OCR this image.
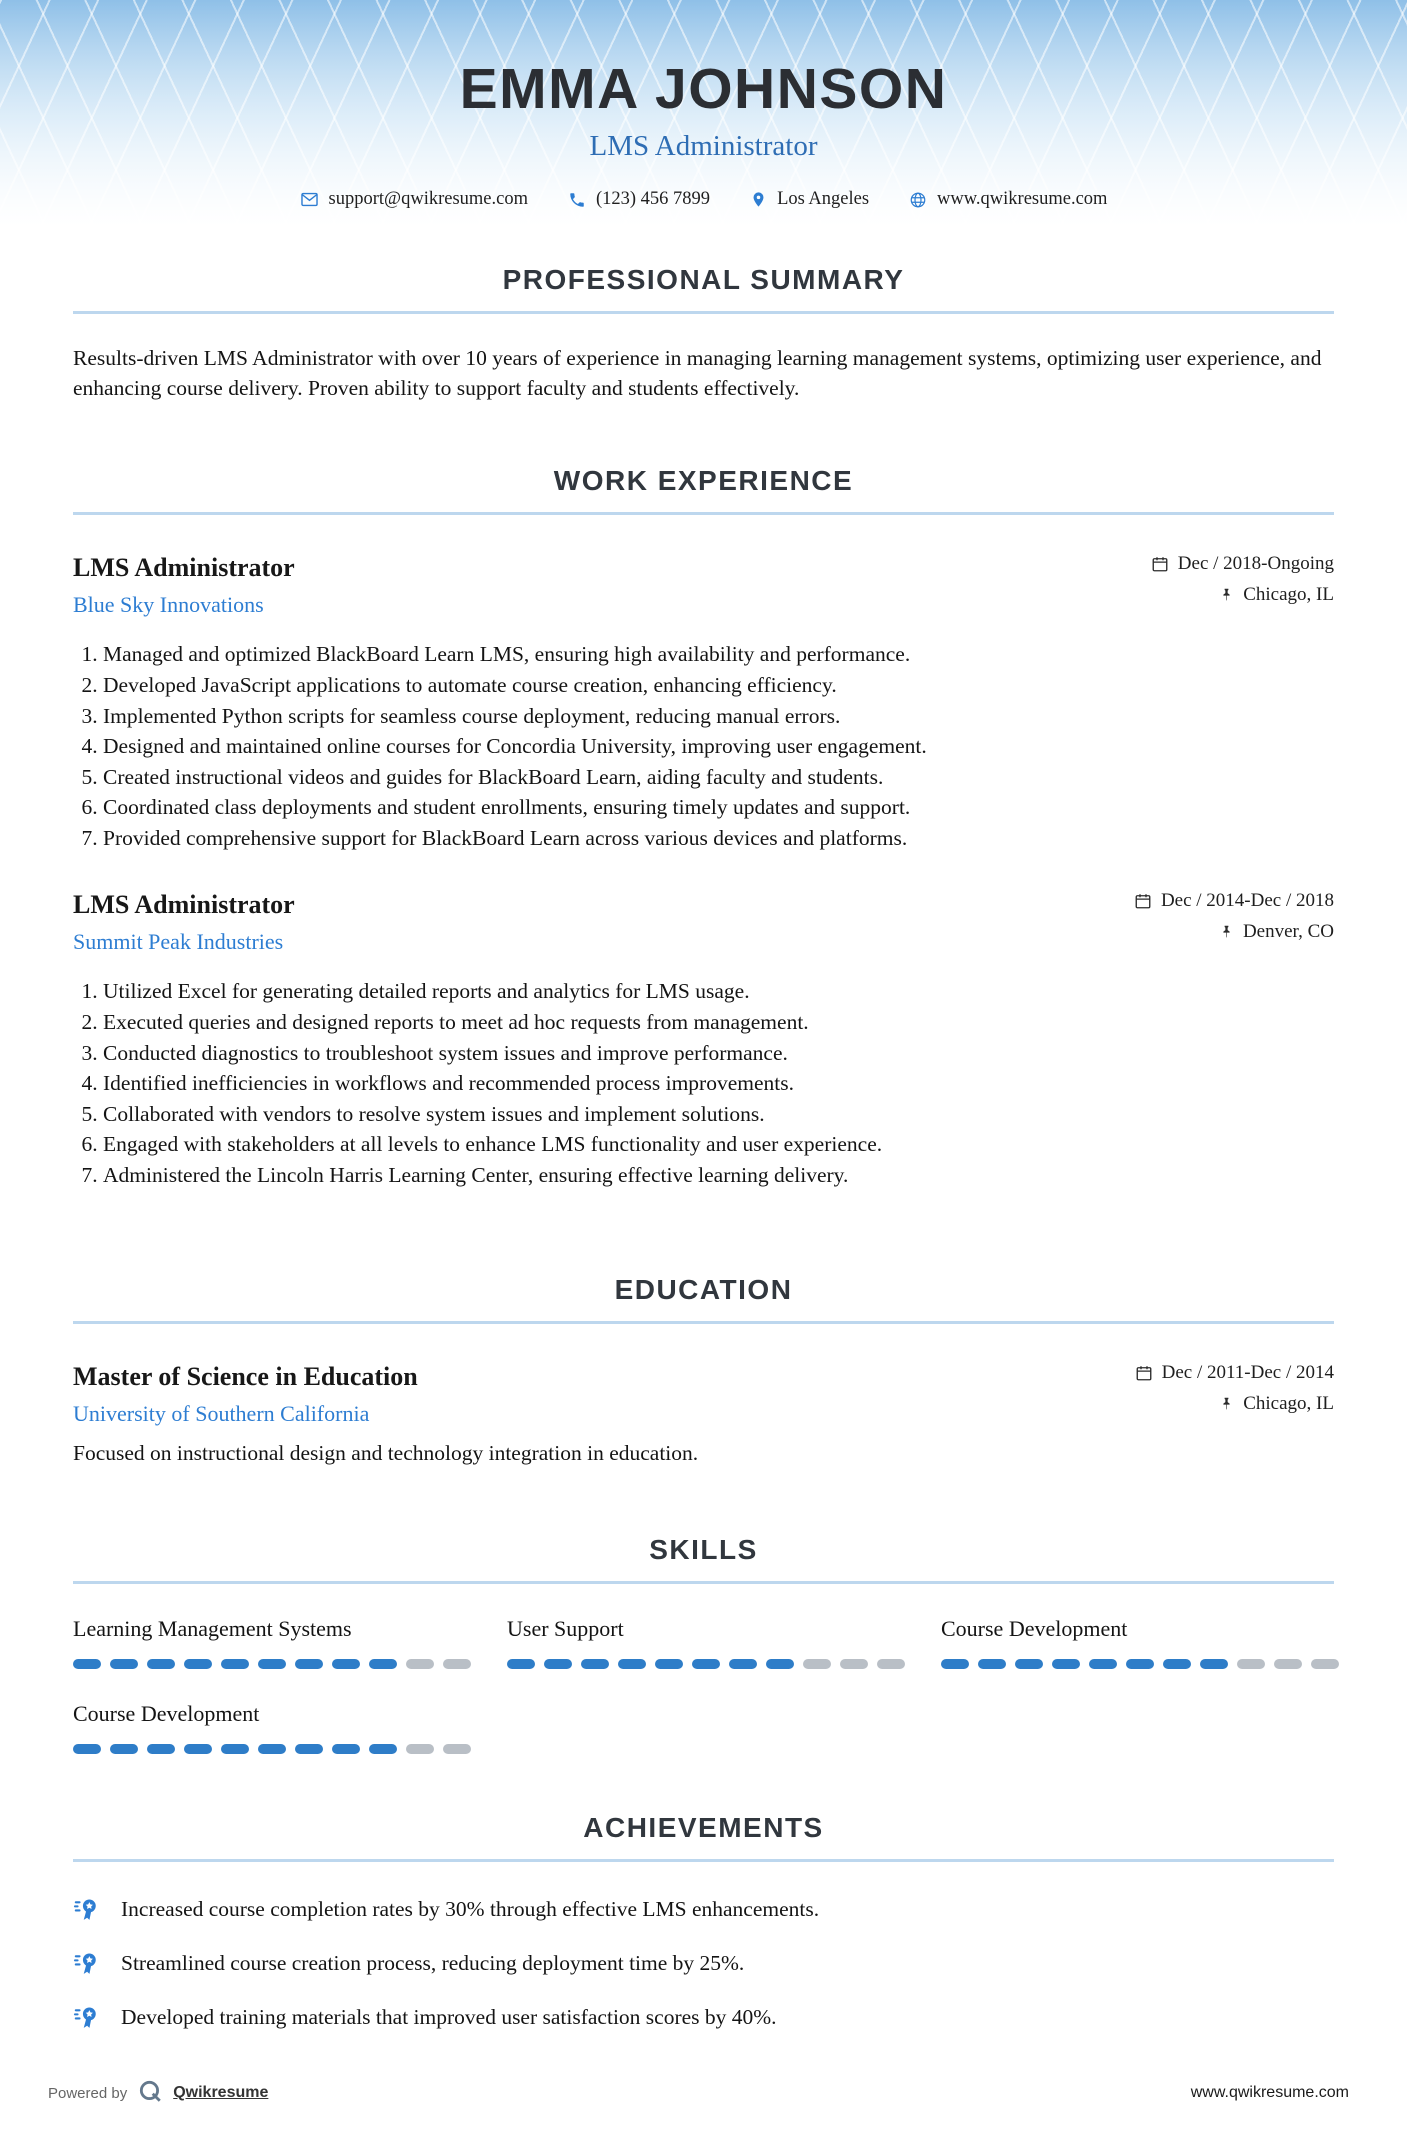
EMMA JOHNSON
LMS Administrator
support@qwikresume.com	(123) 456 7899	Los Angeles	www.qwikresume.com
PROFESSIONAL SUMMARY

Results-driven LMS Administrator with over 10 years of experience in managing learning management systems, optimizing user experience, and enhancing course delivery. Proven ability to support faculty and students effectively.

WORK EXPERIENCE
LMS Administrator
Blue Sky Innovations
Dec / 2018-Ongoing
Chicago, IL
1. Managed and optimized BlackBoard Learn LMS, ensuring high availability and performance.
2. Developed JavaScript applications to automate course creation, enhancing efficiency.
3. Implemented Python scripts for seamless course deployment, reducing manual errors.
4. Designed and maintained online courses for Concordia University, improving user engagement.
5. Created instructional videos and guides for BlackBoard Learn, aiding faculty and students.
6. Coordinated class deployments and student enrollments, ensuring timely updates and support.
7. Provided comprehensive support for BlackBoard Learn across various devices and platforms.
LMS Administrator
Summit Peak Industries
Dec / 2014-Dec / 2018
Denver, CO
1. Utilized Excel for generating detailed reports and analytics for LMS usage.
2. Executed queries and designed reports to meet ad hoc requests from management.
3. Conducted diagnostics to troubleshoot system issues and improve performance.
4. Identified inefficiencies in workflows and recommended process improvements.
5. Collaborated with vendors to resolve system issues and implement solutions.
6. Engaged with stakeholders at all levels to enhance LMS functionality and user experience.
7. Administered the Lincoln Harris Learning Center, ensuring effective learning delivery.
EDUCATION
Master of Science in Education
University of Southern California
Dec / 2011-Dec / 2014
Chicago, IL

Focused on instructional design and technology integration in education.

SKILLS
Learning Management Systems	User Support	Course Development
Course Development
ACHIEVEMENTS
Increased course completion rates by 30% through effective LMS enhancements.
Streamlined course creation process, reducing deployment time by 25%.
Developed training materials that improved user satisfaction scores by 40%.
Powered by	Qwikresume	www.qwikresume.com
